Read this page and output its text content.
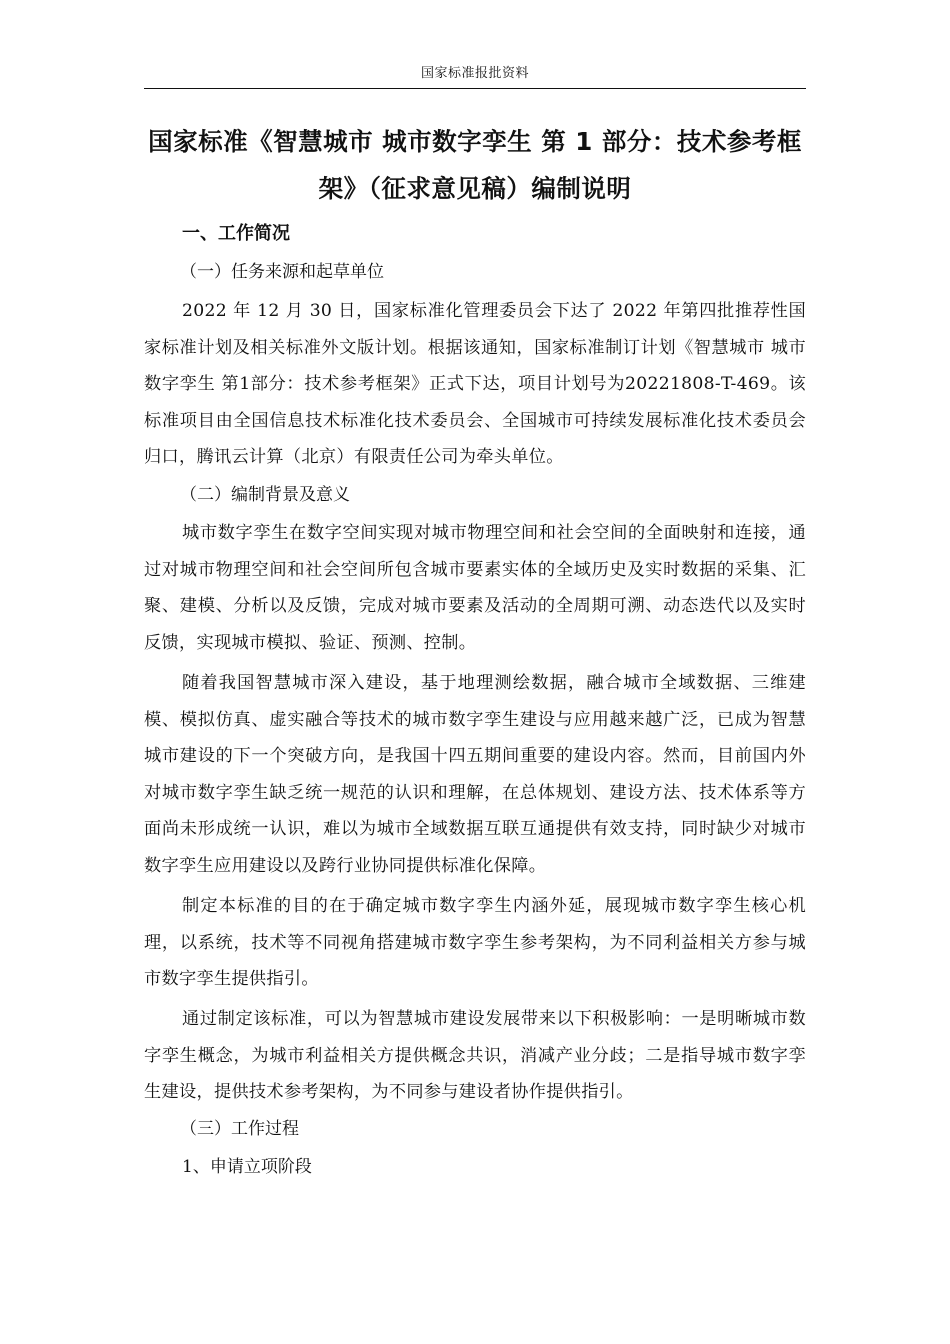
国家标准报批资料
国家标准《智慧城市 城市数字孪生 第 1 部分：技术参考框架》（征求意见稿）编制说明
一、工作简况
（一）任务来源和起草单位
2022 年 12 月 30 日，国家标准化管理委员会下达了 2022 年第四批推荐性国家标准计划及相关标准外文版计划。根据该通知，国家标准制订计划《智慧城市 城市数字孪生 第1部分：技术参考框架》正式下达，项目计划号为20221808-T-469。该标准项目由全国信息技术标准化技术委员会、全国城市可持续发展标准化技术委员会归口，腾讯云计算（北京）有限责任公司为牵头单位。
（二）编制背景及意义
城市数字孪生在数字空间实现对城市物理空间和社会空间的全面映射和连接，通过对城市物理空间和社会空间所包含城市要素实体的全域历史及实时数据的采集、汇聚、建模、分析以及反馈，完成对城市要素及活动的全周期可溯、动态迭代以及实时反馈，实现城市模拟、验证、预测、控制。
随着我国智慧城市深入建设，基于地理测绘数据，融合城市全域数据、三维建模、模拟仿真、虚实融合等技术的城市数字孪生建设与应用越来越广泛，已成为智慧城市建设的下一个突破方向，是我国十四五期间重要的建设内容。然而，目前国内外对城市数字孪生缺乏统一规范的认识和理解，在总体规划、建设方法、技术体系等方面尚未形成统一认识，难以为城市全域数据互联互通提供有效支持，同时缺少对城市数字孪生应用建设以及跨行业协同提供标准化保障。
制定本标准的目的在于确定城市数字孪生内涵外延，展现城市数字孪生核心机理，以系统，技术等不同视角搭建城市数字孪生参考架构，为不同利益相关方参与城市数字孪生提供指引。
通过制定该标准，可以为智慧城市建设发展带来以下积极影响：一是明晰城市数字孪生概念，为城市利益相关方提供概念共识，消减产业分歧；二是指导城市数字孪生建设，提供技术参考架构，为不同参与建设者协作提供指引。
（三）工作过程
1、申请立项阶段
